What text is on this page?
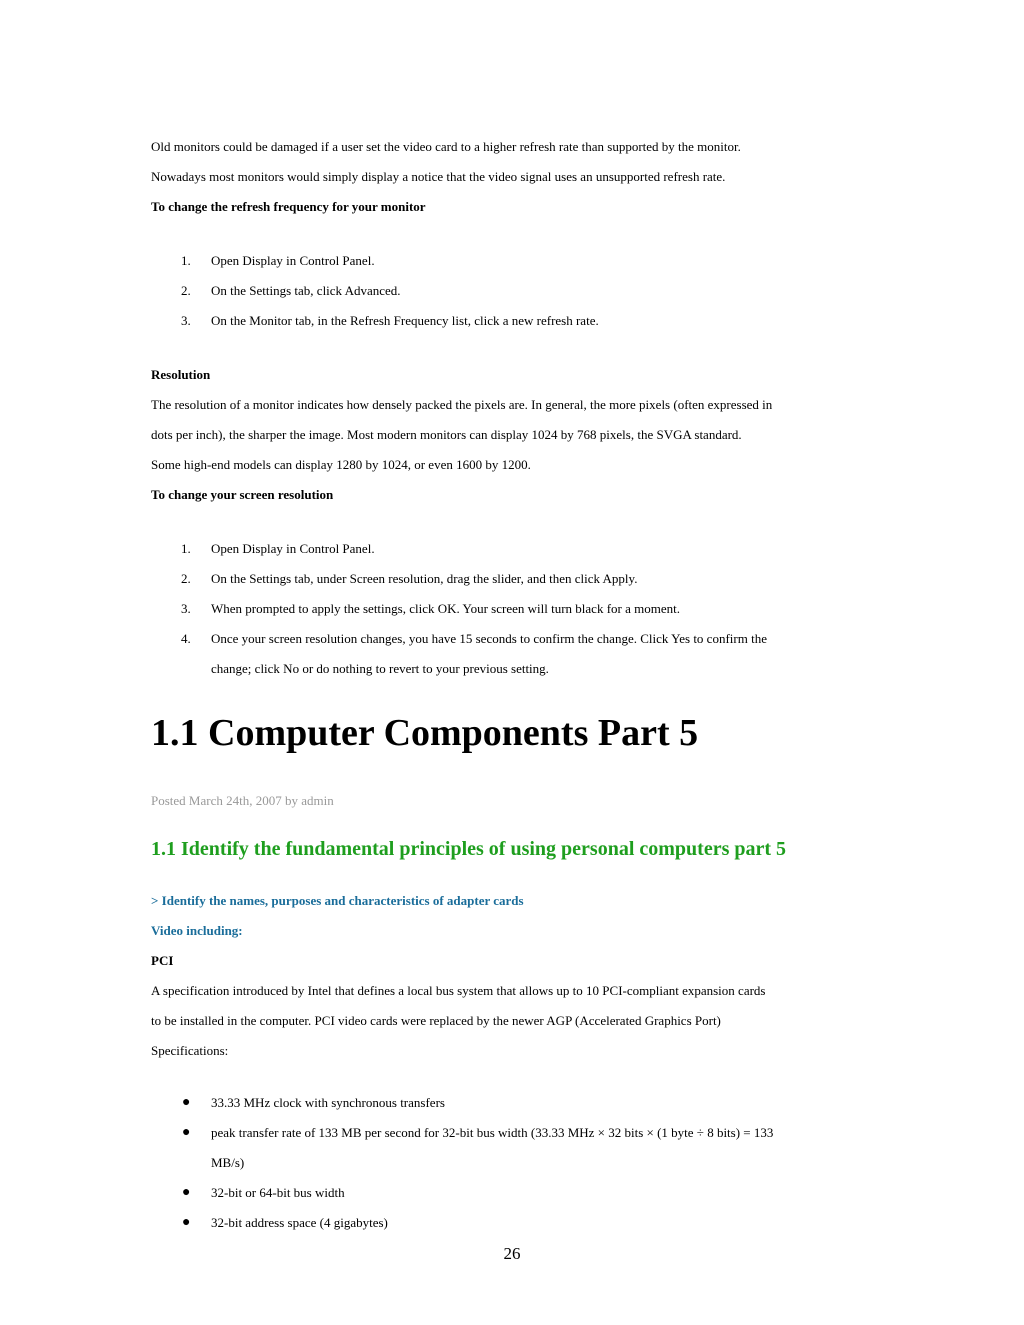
Old monitors could be damaged if a user set the video card to a higher refresh rate than supported by the monitor.

Nowadays most monitors would simply display a notice that the video signal uses an unsupported refresh rate.

To change the refresh frequency for your monitor

1. Open Display in Control Panel.
2. On the Settings tab, click Advanced.
3. On the Monitor tab, in the Refresh Frequency list, click a new refresh rate.

Resolution

The resolution of a monitor indicates how densely packed the pixels are. In general, the more pixels (often expressed in

dots per inch), the sharper the image. Most modern monitors can display 1024 by 768 pixels, the SVGA standard.

Some high-end models can display 1280 by 1024, or even 1600 by 1200.

To change your screen resolution

1. Open Display in Control Panel.
2. On the Settings tab, under Screen resolution, drag the slider, and then click Apply.
3. When prompted to apply the settings, click OK. Your screen will turn black for a moment.
4. Once your screen resolution changes, you have 15 seconds to confirm the change. Click Yes to confirm the
change; click No or do nothing to revert to your previous setting.
1.1 Computer Components Part 5

Posted March 24th, 2007 by admin

1.1 Identify the fundamental principles of using personal computers part 5

> Identify the names, purposes and characteristics of adapter cards

Video including:

PCI

A specification introduced by Intel that defines a local bus system that allows up to 10 PCI-compliant expansion cards

to be installed in the computer. PCI video cards were replaced by the newer AGP (Accelerated Graphics Port)

Specifications:

● 33.33 MHz clock with synchronous transfers
● peak transfer rate of 133 MB per second for 32-bit bus width (33.33 MHz × 32 bits × (1 byte ÷ 8 bits) = 133
MB/s)
● 32-bit or 64-bit bus width
● 32-bit address space (4 gigabytes)
26
